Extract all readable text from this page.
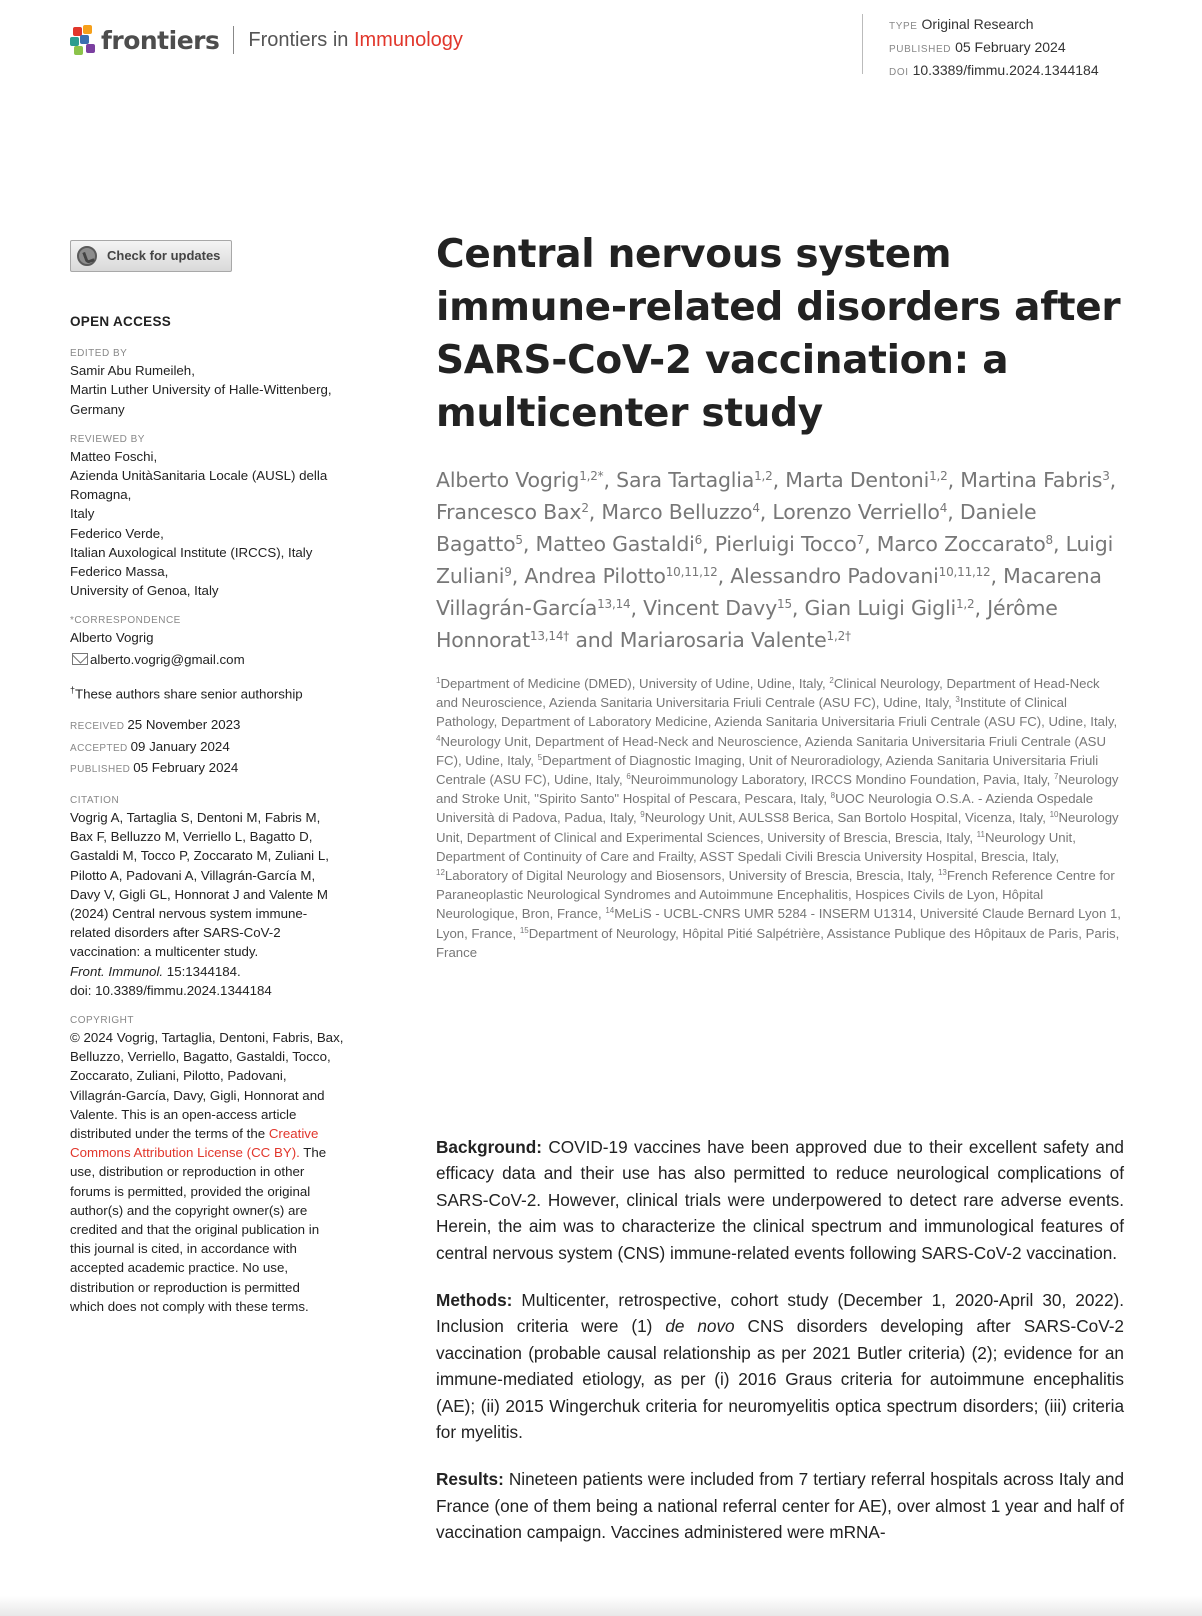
frontiers Frontiers in Immunology
TYPE Original Research
PUBLISHED 05 February 2024
DOI 10.3389/fimmu.2024.1344184
Check for updates
OPEN ACCESS
EDITED BY
Samir Abu Rumeileh,
Martin Luther University of Halle-Wittenberg,
Germany
REVIEWED BY
Matteo Foschi,
Azienda UnitàSanitaria Locale (AUSL) della
Romagna,
Italy
Federico Verde,
Italian Auxological Institute (IRCCS), Italy
Federico Massa,
University of Genoa, Italy
*CORRESPONDENCE
Alberto Vogrig
alberto.vogrig@gmail.com
†These authors share senior authorship
RECEIVED 25 November 2023
ACCEPTED 09 January 2024
PUBLISHED 05 February 2024
CITATION
Vogrig A, Tartaglia S, Dentoni M, Fabris M,
Bax F, Belluzzo M, Verriello L, Bagatto D,
Gastaldi M, Tocco P, Zoccarato M, Zuliani L,
Pilotto A, Padovani A, Villagrán-García M,
Davy V, Gigli GL, Honnorat J and Valente M
(2024) Central nervous system immune-
related disorders after SARS-CoV-2
vaccination: a multicenter study.
Front. Immunol. 15:1344184.
doi: 10.3389/fimmu.2024.1344184
COPYRIGHT
© 2024 Vogrig, Tartaglia, Dentoni, Fabris, Bax,
Belluzzo, Verriello, Bagatto, Gastaldi, Tocco,
Zoccarato, Zuliani, Pilotto, Padovani,
Villagrán-García, Davy, Gigli, Honnorat and
Valente. This is an open-access article
distributed under the terms of the Creative
Commons Attribution License (CC BY). The
use, distribution or reproduction in other
forums is permitted, provided the original
author(s) and the copyright owner(s) are
credited and that the original publication in
this journal is cited, in accordance with
accepted academic practice. No use,
distribution or reproduction is permitted
which does not comply with these terms.
Central nervous system immune-related disorders after SARS-CoV-2 vaccination: a multicenter study
Alberto Vogrig$^{1,2*}$, Sara Tartaglia$^{1,2}$, Marta Dentoni$^{1,2}$, Martina Fabris$^3$, Francesco Bax$^2$, Marco Belluzzo$^4$, Lorenzo Verriello$^4$, Daniele Bagatto$^5$, Matteo Gastaldi$^6$, Pierluigi Tocco$^7$, Marco Zoccarato$^8$, Luigi Zuliani$^9$, Andrea Pilotto$^{10,11,12}$, Alessandro Padovani$^{10,11,12}$, Macarena Villagrán-García$^{13,14}$, Vincent Davy$^{15}$, Gian Luigi Gigli$^{1,2}$, Jérôme Honnorat$^{13,14\dagger}$ and Mariarosaria Valente$^{1,2\dagger}$
$^1$Department of Medicine (DMED), University of Udine, Udine, Italy, $^2$Clinical Neurology, Department of Head-Neck and Neuroscience, Azienda Sanitaria Universitaria Friuli Centrale (ASU FC), Udine, Italy, $^3$Institute of Clinical Pathology, Department of Laboratory Medicine, Azienda Sanitaria Universitaria Friuli Centrale (ASU FC), Udine, Italy, $^4$Neurology Unit, Department of Head-Neck and Neuroscience, Azienda Sanitaria Universitaria Friuli Centrale (ASU FC), Udine, Italy, $^5$Department of Diagnostic Imaging, Unit of Neuroradiology, Azienda Sanitaria Universitaria Friuli Centrale (ASU FC), Udine, Italy, $^6$Neuroimmunology Laboratory, IRCCS Mondino Foundation, Pavia, Italy, $^7$Neurology and Stroke Unit, "Spirito Santo" Hospital of Pescara, Pescara, Italy, $^8$UOC Neurologia O.S.A. - Azienda Ospedale Università di Padova, Padua, Italy, $^9$Neurology Unit, AULSS8 Berica, San Bortolo Hospital, Vicenza, Italy, $^{10}$Neurology Unit, Department of Clinical and Experimental Sciences, University of Brescia, Brescia, Italy, $^{11}$Neurology Unit, Department of Continuity of Care and Frailty, ASST Spedali Civili Brescia University Hospital, Brescia, Italy, $^{12}$Laboratory of Digital Neurology and Biosensors, University of Brescia, Brescia, Italy, $^{13}$French Reference Centre for Paraneoplastic Neurological Syndromes and Autoimmune Encephalitis, Hospices Civils de Lyon, Hôpital Neurologique, Bron, France, $^{14}$MeLiS - UCBL-CNRS UMR 5284 - INSERM U1314, Université Claude Bernard Lyon 1, Lyon, France, $^{15}$Department of Neurology, Hôpital Pitié Salpétrière, Assistance Publique des Hôpitaux de Paris, Paris, France

Background: COVID-19 vaccines have been approved due to their excellent safety and efficacy data and their use has also permitted to reduce neurological complications of SARS-CoV-2. However, clinical trials were underpowered to detect rare adverse events. Herein, the aim was to characterize the clinical spectrum and immunological features of central nervous system (CNS) immune-related events following SARS-CoV-2 vaccination.

Methods: Multicenter, retrospective, cohort study (December 1, 2020-April 30, 2022). Inclusion criteria were (1) de novo CNS disorders developing after SARS-CoV-2 vaccination (probable causal relationship as per 2021 Butler criteria) (2); evidence for an immune-mediated etiology, as per (i) 2016 Graus criteria for autoimmune encephalitis (AE); (ii) 2015 Wingerchuk criteria for neuromyelitis optica spectrum disorders; (iii) criteria for myelitis.

Results: Nineteen patients were included from 7 tertiary referral hospitals across Italy and France (one of them being a national referral center for AE), over almost 1 year and half of vaccination campaign. Vaccines administered were mRNA-
